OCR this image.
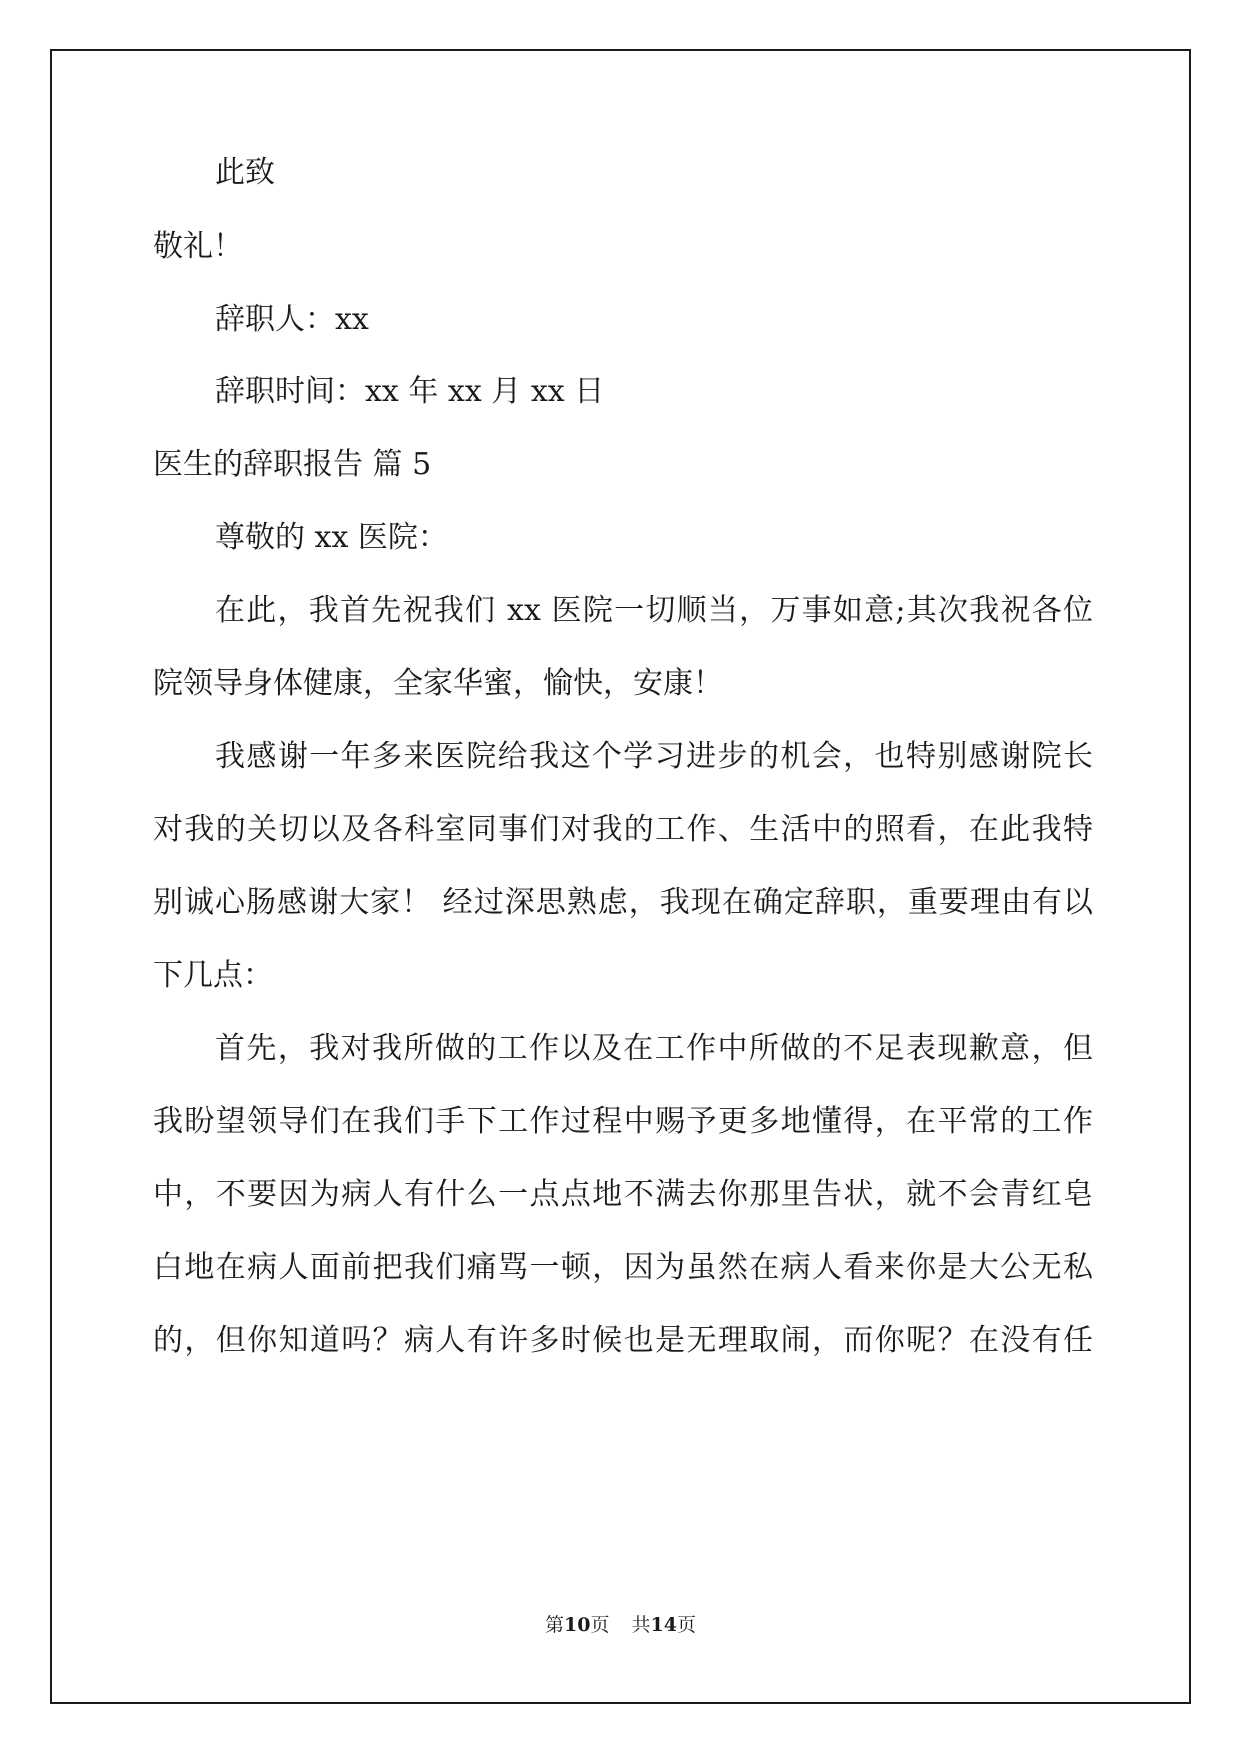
此致
敬礼！
辞职人：xx
辞职时间：xx 年 xx 月 xx 日
医生的辞职报告 篇 5
尊敬的 xx 医院：
在此，我首先祝我们 xx 医院一切顺当，万事如意;其次我祝各位
院领导身体健康，全家华蜜，愉快，安康！
我感谢一年多来医院给我这个学习进步的机会，也特别感谢院长
对我的关切以及各科室同事们对我的工作、生活中的照看，在此我特
别诚心肠感谢大家！ 经过深思熟虑，我现在确定辞职，重要理由有以
下几点：
首先，我对我所做的工作以及在工作中所做的不足表现歉意，但
我盼望领导们在我们手下工作过程中赐予更多地懂得，在平常的工作
中，不要因为病人有什么一点点地不满去你那里告状，就不会青红皂
白地在病人面前把我们痛骂一顿，因为虽然在病人看来你是大公无私
的，但你知道吗？病人有许多时候也是无理取闹，而你呢？在没有任
第10页 共14页
